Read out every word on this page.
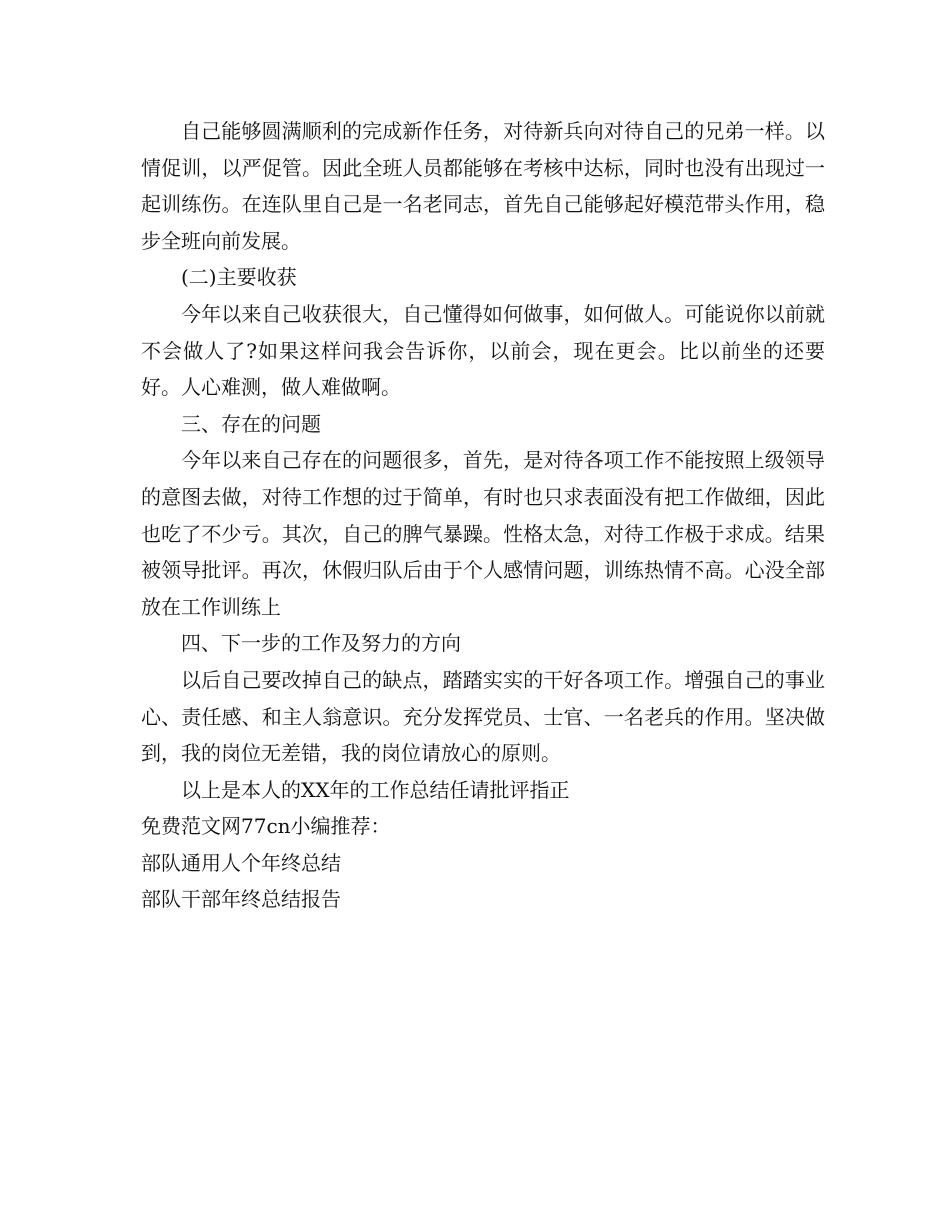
自己能够圆满顺利的完成新作任务，对待新兵向对待自己的兄弟一样。以情促训，以严促管。因此全班人员都能够在考核中达标，同时也没有出现过一起训练伤。在连队里自己是一名老同志，首先自己能够起好模范带头作用，稳步全班向前发展。

(二)主要收获

今年以来自己收获很大，自己懂得如何做事，如何做人。可能说你以前就不会做人了?如果这样问我会告诉你，以前会，现在更会。比以前坐的还要好。人心难测，做人难做啊。

三、存在的问题

今年以来自己存在的问题很多，首先，是对待各项工作不能按照上级领导的意图去做，对待工作想的过于简单，有时也只求表面没有把工作做细，因此也吃了不少亏。其次，自己的脾气暴躁。性格太急，对待工作极于求成。结果被领导批评。再次，休假归队后由于个人感情问题，训练热情不高。心没全部放在工作训练上

四、下一步的工作及努力的方向

以后自己要改掉自己的缺点，踏踏实实的干好各项工作。增强自己的事业心、责任感、和主人翁意识。充分发挥党员、士官、一名老兵的作用。坚决做到，我的岗位无差错，我的岗位请放心的原则。

以上是本人的XX年的工作总结任请批评指正

免费范文网77cn小编推荐：

部队通用人个年终总结

部队干部年终总结报告
